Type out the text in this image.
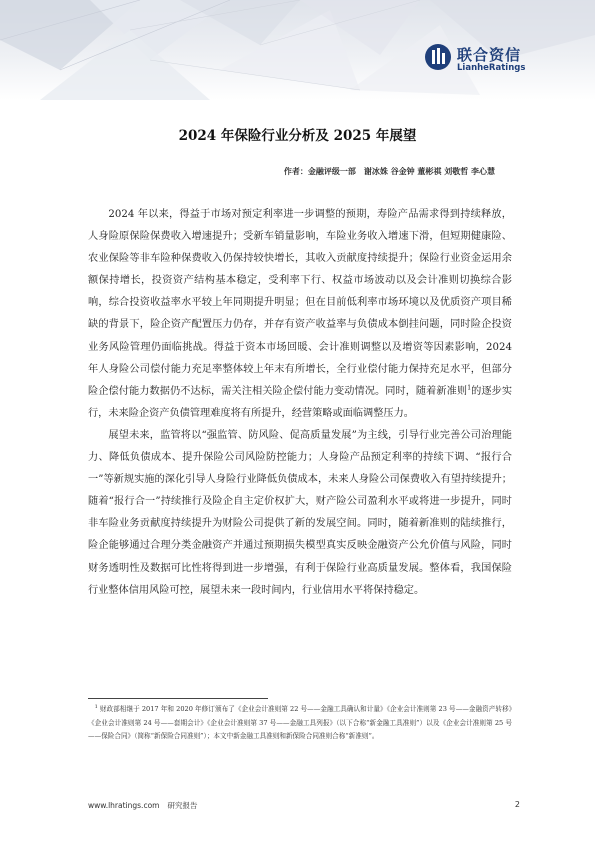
联合资信
LianheRatings
2024 年保险行业分析及 2025 年展望
作者：金融评级一部　谢冰姝 谷金钟 董彬祺 刘敬哲 李心慧

2024 年以来，得益于市场对预定利率进一步调整的预期，寿险产品需求得到持续释放，人身险原保险保费收入增速提升；受新车销量影响，车险业务收入增速下滑，但短期健康险、农业保险等非车险种保费收入仍保持较快增长，其收入贡献度持续提升；保险行业资金运用余额保持增长，投资资产结构基本稳定，受利率下行、权益市场波动以及会计准则切换综合影响，综合投资收益率水平较上年同期提升明显；但在目前低利率市场环境以及优质资产项目稀缺的背景下，险企资产配置压力仍存，并存有资产收益率与负债成本倒挂问题，同时险企投资业务风险管理仍面临挑战。得益于资本市场回暖、会计准则调整以及增资等因素影响，2024 年人身险公司偿付能力充足率整体较上年末有所增长，全行业偿付能力保持充足水平，但部分险企偿付能力数据仍不达标，需关注相关险企偿付能力变动情况。同时，随着新准则$^1$的逐步实行，未来险企资产负债管理难度将有所提升，经营策略或面临调整压力。

展望未来，监管将以“强监管、防风险、促高质量发展”为主线，引导行业完善公司治理能力、降低负债成本、提升保险公司风险防控能力；人身险产品预定利率的持续下调、“报行合一”等新规实施的深化引导人身险行业降低负债成本，未来人身险公司保费收入有望持续提升；随着“报行合一”持续推行及险企自主定价权扩大，财产险公司盈利水平或将进一步提升，同时非车险业务贡献度持续提升为财险公司提供了新的发展空间。同时，随着新准则的陆续推行，险企能够通过合理分类金融资产并通过预期损失模型真实反映金融资产公允价值与风险，同时财务透明性及数据可比性将得到进一步增强，有利于保险行业高质量发展。整体看，我国保险行业整体信用风险可控，展望未来一段时间内，行业信用水平将保持稳定。

$^1$ 财政部相继于 2017 年和 2020 年修订颁布了《企业会计准则第 22 号——金融工具确认和计量》《企业会计准则第 23 号——金融资产转移》《企业会计准则第 24 号——套期会计》《企业会计准则第 37 号——金融工具列报》（以下合称“新金融工具准则”）以及《企业会计准则第 25 号——保险合同》（简称“新保险合同准则”）；本文中新金融工具准则和新保险合同准则合称“新准则”。
www.lhratings.com 研究报告	2
